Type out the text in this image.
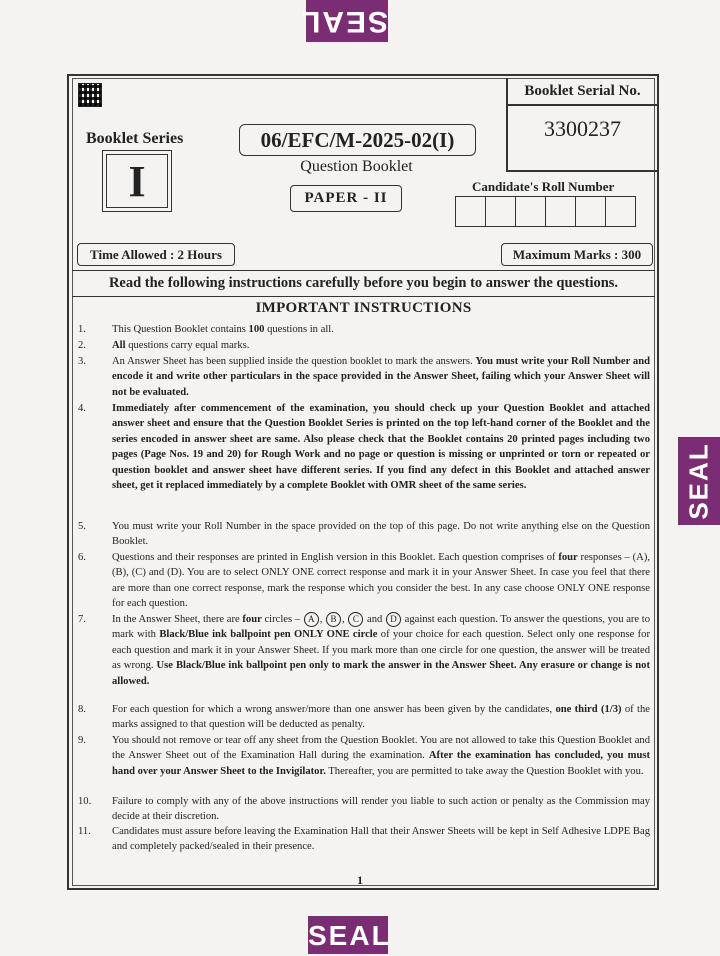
SEAL
SEAL
SEAL
Booklet Serial No.
3300237
Booklet Series
I
06/EFC/M-2025-02(I)
Question Booklet
PAPER - II
Candidate's Roll Number
Time Allowed : 2 Hours	Maximum Marks : 300
Read the following instructions carefully before you begin to answer the questions.
IMPORTANT INSTRUCTIONS
1.	This Question Booklet contains 100 questions in all.
2.	All questions carry equal marks.
3.	An Answer Sheet has been supplied inside the question booklet to mark the answers. You must write your Roll Number and encode it and write other particulars in the space provided in the Answer Sheet, failing which your Answer Sheet will not be evaluated.
4.	Immediately after commencement of the examination, you should check up your Question Booklet and attached answer sheet and ensure that the Question Booklet Series is printed on the top left-hand corner of the Booklet and the series encoded in answer sheet are same. Also please check that the Booklet contains 20 printed pages including two pages (Page Nos. 19 and 20) for Rough Work and no page or question is missing or unprinted or torn or repeated or question booklet and answer sheet have different series. If you find any defect in this Booklet and attached answer sheet, get it replaced immediately by a complete Booklet with OMR sheet of the same series.
5.	You must write your Roll Number in the space provided on the top of this page. Do not write anything else on the Question Booklet.
6.	Questions and their responses are printed in English version in this Booklet. Each question comprises of four responses – (A), (B), (C) and (D). You are to select ONLY ONE correct response and mark it in your Answer Sheet. In case you feel that there are more than one correct response, mark the response which you consider the best. In any case choose ONLY ONE response for each question.
7.	In the Answer Sheet, there are four circles – A , B , C and D against each question. To answer the questions, you are to mark with Black/Blue ink ballpoint pen ONLY ONE circle of your choice for each question. Select only one response for each question and mark it in your Answer Sheet. If you mark more than one circle for one question, the answer will be treated as wrong. Use Black/Blue ink ballpoint pen only to mark the answer in the Answer Sheet. Any erasure or change is not allowed.
8.	For each question for which a wrong answer/more than one answer has been given by the candidates, one third (1/3) of the marks assigned to that question will be deducted as penalty.
9.	You should not remove or tear off any sheet from the Question Booklet. You are not allowed to take this Question Booklet and the Answer Sheet out of the Examination Hall during the examination. After the examination has concluded, you must hand over your Answer Sheet to the Invigilator. Thereafter, you are permitted to take away the Question Booklet with you.
10.	Failure to comply with any of the above instructions will render you liable to such action or penalty as the Commission may decide at their discretion.
11.	Candidates must assure before leaving the Examination Hall that their Answer Sheets will be kept in Self Adhesive LDPE Bag and completely packed/sealed in their presence.
1
